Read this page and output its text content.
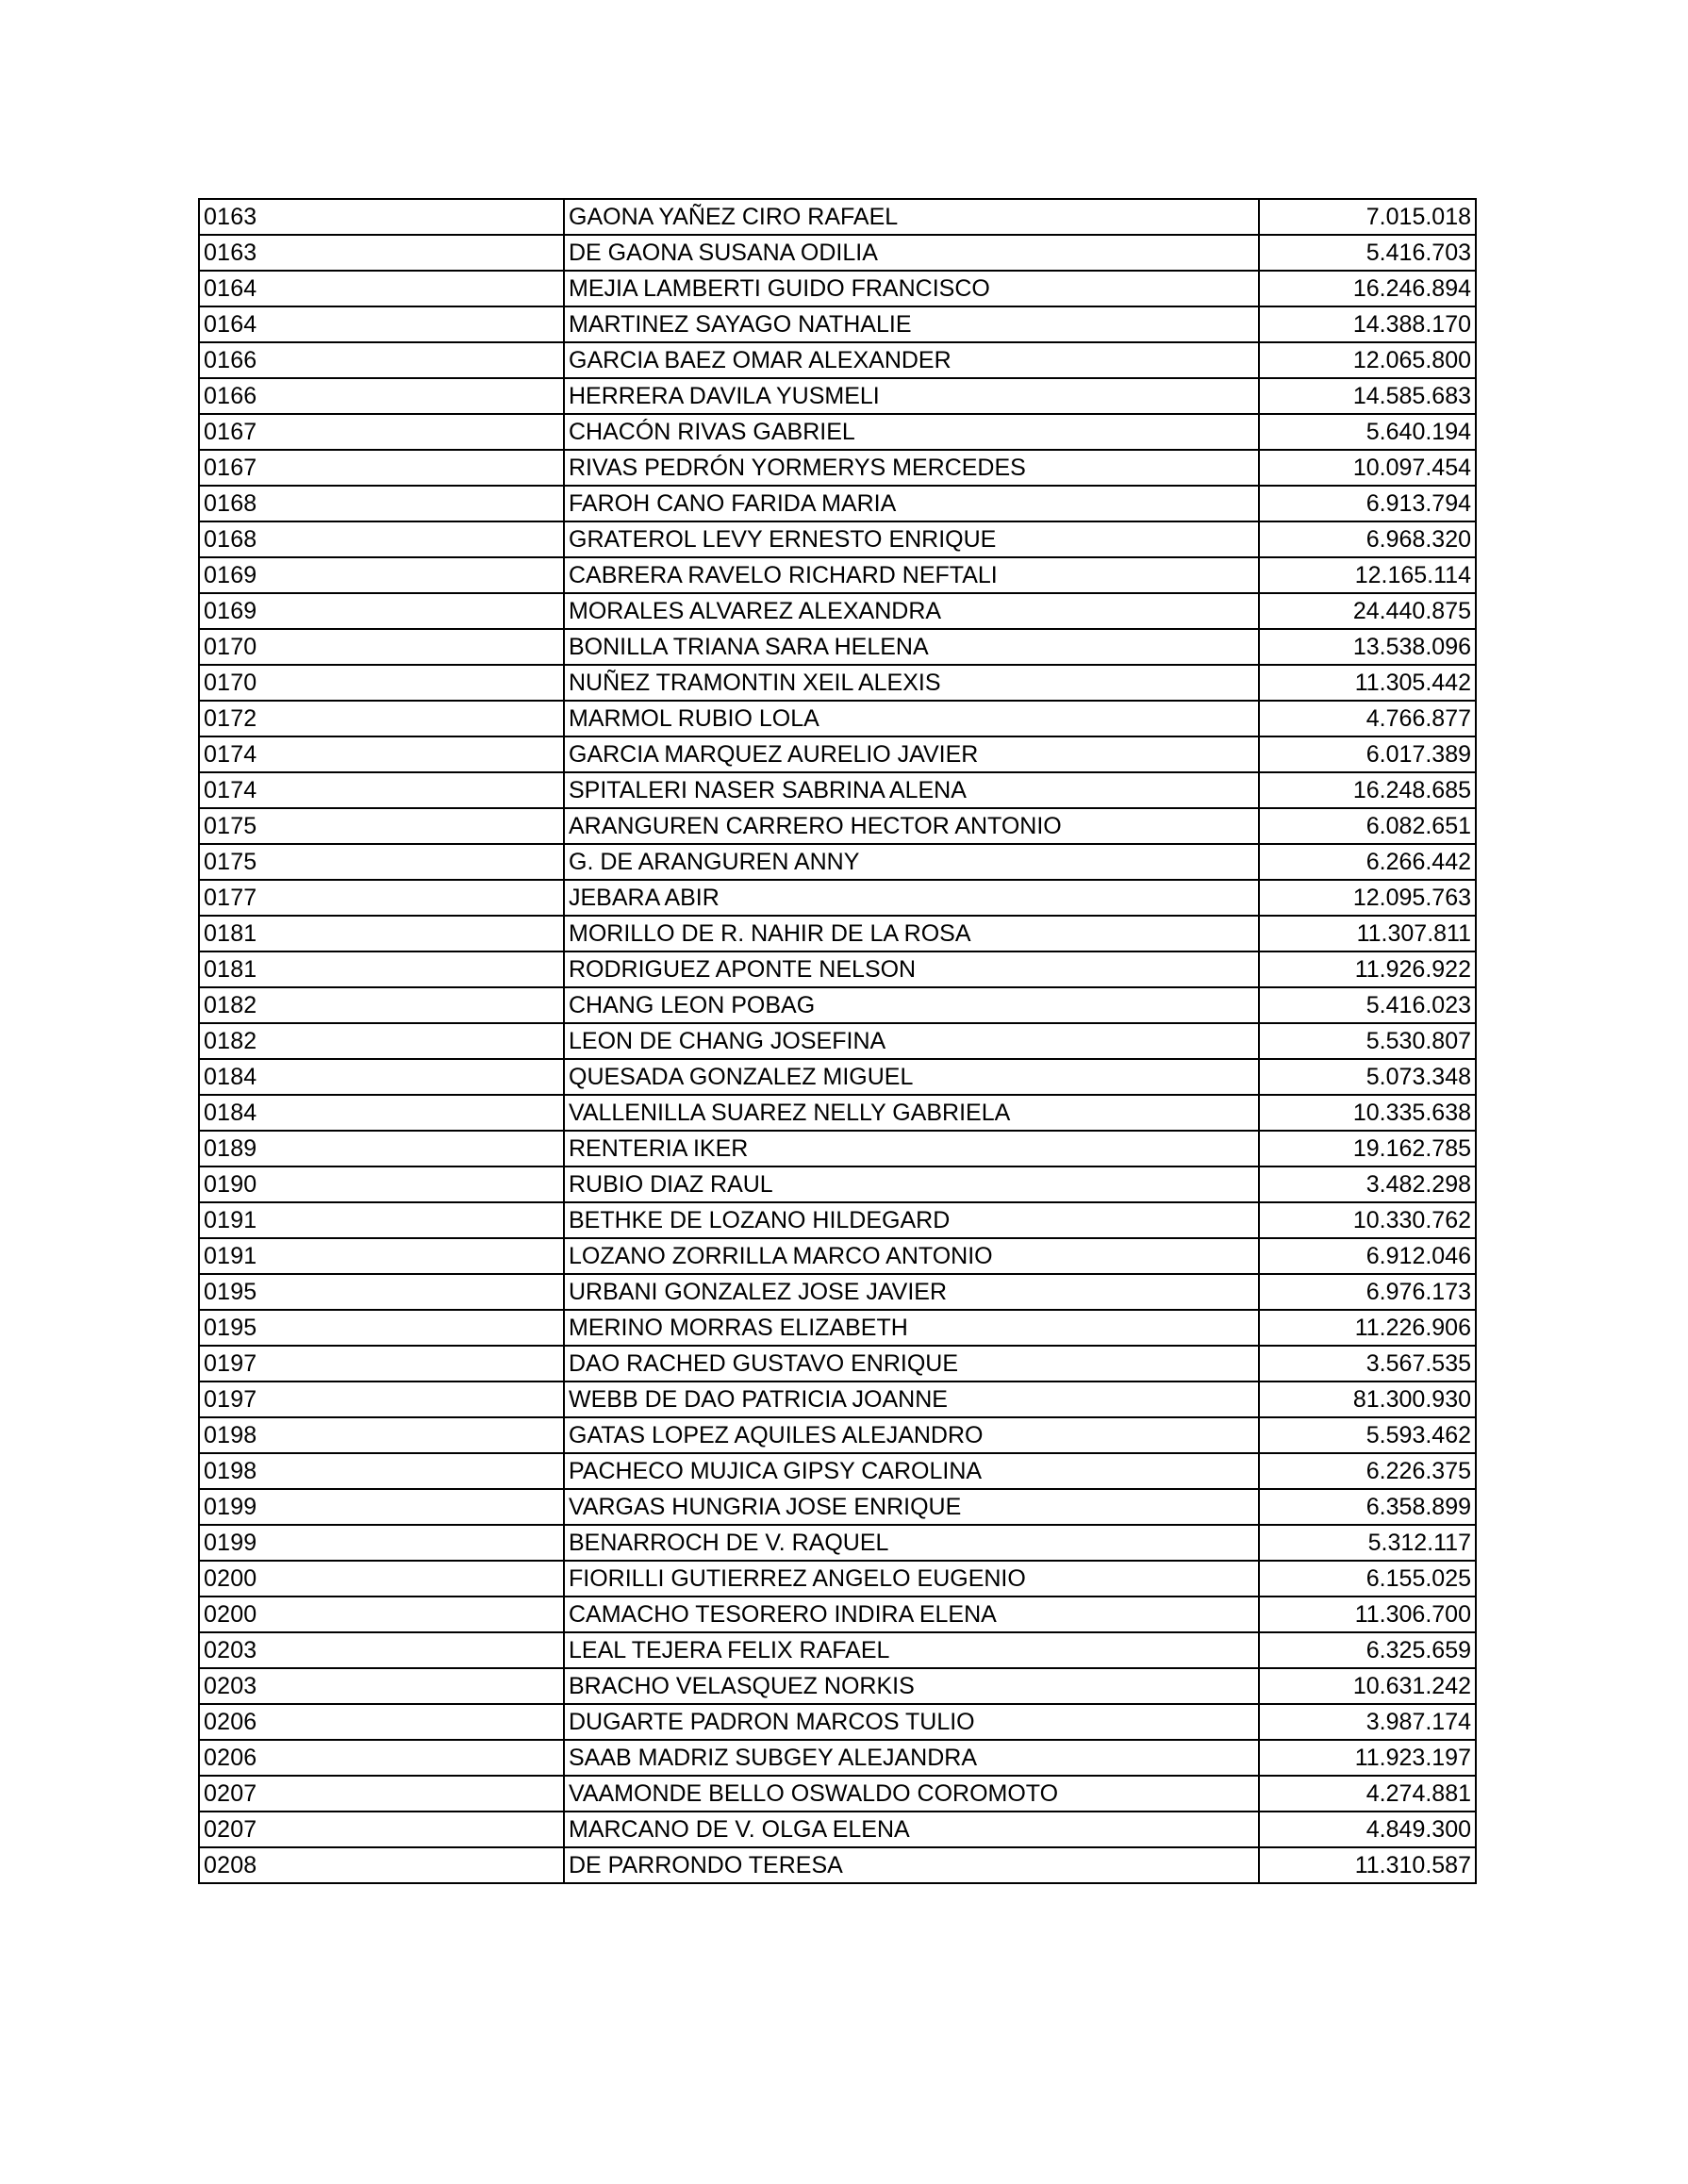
0163	GAONA YAÑEZ CIRO RAFAEL	7.015.018
0163	DE GAONA SUSANA ODILIA	5.416.703
0164	MEJIA LAMBERTI GUIDO FRANCISCO	16.246.894
0164	MARTINEZ SAYAGO NATHALIE	14.388.170
0166	GARCIA BAEZ OMAR ALEXANDER	12.065.800
0166	HERRERA DAVILA YUSMELI	14.585.683
0167	CHACÓN RIVAS GABRIEL	5.640.194
0167	RIVAS PEDRÓN YORMERYS MERCEDES	10.097.454
0168	FAROH CANO FARIDA MARIA	6.913.794
0168	GRATEROL LEVY ERNESTO ENRIQUE	6.968.320
0169	CABRERA RAVELO RICHARD NEFTALI	12.165.114
0169	MORALES ALVAREZ ALEXANDRA	24.440.875
0170	BONILLA TRIANA SARA HELENA	13.538.096
0170	NUÑEZ TRAMONTIN XEIL ALEXIS	11.305.442
0172	MARMOL RUBIO LOLA	4.766.877
0174	GARCIA MARQUEZ AURELIO JAVIER	6.017.389
0174	SPITALERI NASER SABRINA ALENA	16.248.685
0175	ARANGUREN CARRERO HECTOR ANTONIO	6.082.651
0175	G. DE ARANGUREN ANNY	6.266.442
0177	JEBARA ABIR	12.095.763
0181	MORILLO DE R. NAHIR DE LA ROSA	11.307.811
0181	RODRIGUEZ APONTE NELSON	11.926.922
0182	CHANG LEON POBAG	5.416.023
0182	LEON DE CHANG JOSEFINA	5.530.807
0184	QUESADA GONZALEZ MIGUEL	5.073.348
0184	VALLENILLA SUAREZ NELLY GABRIELA	10.335.638
0189	RENTERIA IKER	19.162.785
0190	RUBIO DIAZ RAUL	3.482.298
0191	BETHKE DE LOZANO HILDEGARD	10.330.762
0191	LOZANO ZORRILLA MARCO ANTONIO	6.912.046
0195	URBANI GONZALEZ JOSE JAVIER	6.976.173
0195	MERINO MORRAS ELIZABETH	11.226.906
0197	DAO RACHED GUSTAVO ENRIQUE	3.567.535
0197	WEBB DE DAO PATRICIA JOANNE	81.300.930
0198	GATAS LOPEZ AQUILES ALEJANDRO	5.593.462
0198	PACHECO MUJICA GIPSY CAROLINA	6.226.375
0199	VARGAS HUNGRIA JOSE ENRIQUE	6.358.899
0199	BENARROCH DE V. RAQUEL	5.312.117
0200	FIORILLI GUTIERREZ ANGELO EUGENIO	6.155.025
0200	CAMACHO TESORERO INDIRA ELENA	11.306.700
0203	LEAL TEJERA FELIX RAFAEL	6.325.659
0203	BRACHO VELASQUEZ NORKIS	10.631.242
0206	DUGARTE PADRON MARCOS TULIO	3.987.174
0206	SAAB MADRIZ SUBGEY ALEJANDRA	11.923.197
0207	VAAMONDE BELLO OSWALDO COROMOTO	4.274.881
0207	MARCANO DE V. OLGA ELENA	4.849.300
0208	DE PARRONDO TERESA	11.310.587
